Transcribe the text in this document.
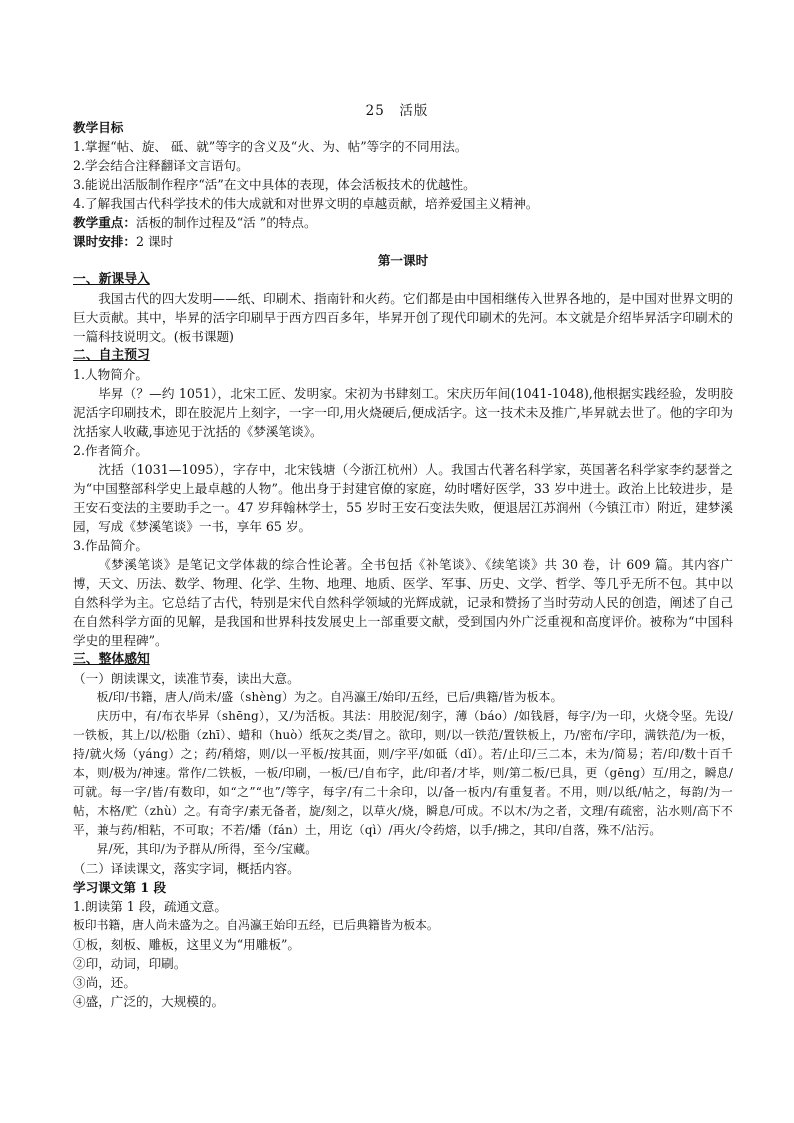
25　活版
教学目标
1.掌握“帖、旋、 砥、就”等字的含义及“火、为、帖”等字的不同用法。
2.学会结合注释翻译文言语句。
3.能说出活版制作程序“活”在文中具体的表现，体会活板技术的优越性。
4.了解我国古代科学技术的伟大成就和对世界文明的卓越贡献，培养爱国主义精神。
教学重点：活板的制作过程及“活 ”的特点。
课时安排：2 课时
第一课时
一、新课导入
我国古代的四大发明——纸、印刷术、指南针和火药。它们都是由中国相继传入世界各地的，是中国对世界文明的巨大贡献。其中，毕昇的活字印刷早于西方四百多年，毕昇开创了现代印刷术的先河。本文就是介绍毕昇活字印刷术的一篇科技说明文。(板书课题)
二、自主预习
1.人物简介。
毕昇（？—约 1051），北宋工匠、发明家。宋初为书肆刻工。宋庆历年间(1041-1048),他根据实践经验，发明胶泥活字印刷技术，即在胶泥片上刻字，一字一印,用火烧硬后,便成活字。这一技术未及推广,毕昇就去世了。他的字印为沈括家人收藏,事迹见于沈括的《梦溪笔谈》。
2.作者简介。
沈括（1031—1095），字存中，北宋钱塘（今浙江杭州）人。我国古代著名科学家，英国著名科学家李约瑟誉之为“中国整部科学史上最卓越的人物”。他出身于封建官僚的家庭，幼时嗜好医学，33 岁中进士。政治上比较进步，是王安石变法的主要助手之一。47 岁拜翰林学士，55 岁时王安石变法失败，便退居江苏润州（今镇江市）附近，建梦溪园，写成《梦溪笔谈》一书，享年 65 岁。
3.作品简介。
《梦溪笔谈》是笔记文学体裁的综合性论著。全书包括《补笔谈》、《续笔谈》共 30 卷，计 609 篇。其内容广博，天文、历法、数学、物理、化学、生物、地理、地质、医学、军事、历史、文学、哲学、等几乎无所不包。其中以自然科学为主。它总结了古代，特别是宋代自然科学领域的光辉成就，记录和赞扬了当时劳动人民的创造，阐述了自己在自然科学方面的见解，是我国和世界科技发展史上一部重要文献，受到国内外广泛重视和高度评价。被称为“中国科学史的里程碑”。
三、整体感知
（一）朗读课文，读准节奏，读出大意。
板/印/书籍，唐人/尚未/盛（shèng）为之。自冯瀛王/始印/五经，已后/典籍/皆为板本。
庆历中，有/布衣毕昇（shēng），又/为活板。其法：用胶泥/刻字，薄（báo）/如钱唇，每字/为一印，火烧令坚。先设/一铁板，其上/以/松脂（zhī）、蜡和（huò）纸灰之类/冒之。欲印，则/以一铁范/置铁板上，乃/密布/字印，满铁范/为一板，持/就火炀（yáng）之；药/稍熔，则/以一平板/按其面，则/字平/如砥（dǐ）。若/止印/三二本，未为/简易；若/印/数十百千本，则/极为/神速。常作/二铁板，一板/印刷，一板/已/自布字，此/印者/才毕，则/第二板/已具，更（gēng）互/用之，瞬息/可就。每一字/皆/有数印，如“之”“也”/等字，每字/有二十余印，以/备一板内/有重复者。不用，则/以纸/帖之，每韵/为一帖，木格/贮（zhù）之。有奇字/素无备者，旋/刻之，以草火/烧，瞬息/可成。不以木/为之者，文理/有疏密，沾水则/高下不平，兼与药/相粘，不可取；不若/燔（fán）土，用讫（qì）/再火/令药熔，以手/拂之，其印/自落，殊不/沾污。
昇/死，其印/为予群从/所得，至今/宝藏。
（二）译读课文，落实字词，概括内容。
学习课文第 1 段
1.朗读第 1 段，疏通文意。
板印书籍，唐人尚未盛为之。自冯瀛王始印五经，已后典籍皆为板本。
①板，刻板、雕板，这里义为“用雕板”。
②印，动词，印刷。
③尚，还。
④盛，广泛的，大规模的。
